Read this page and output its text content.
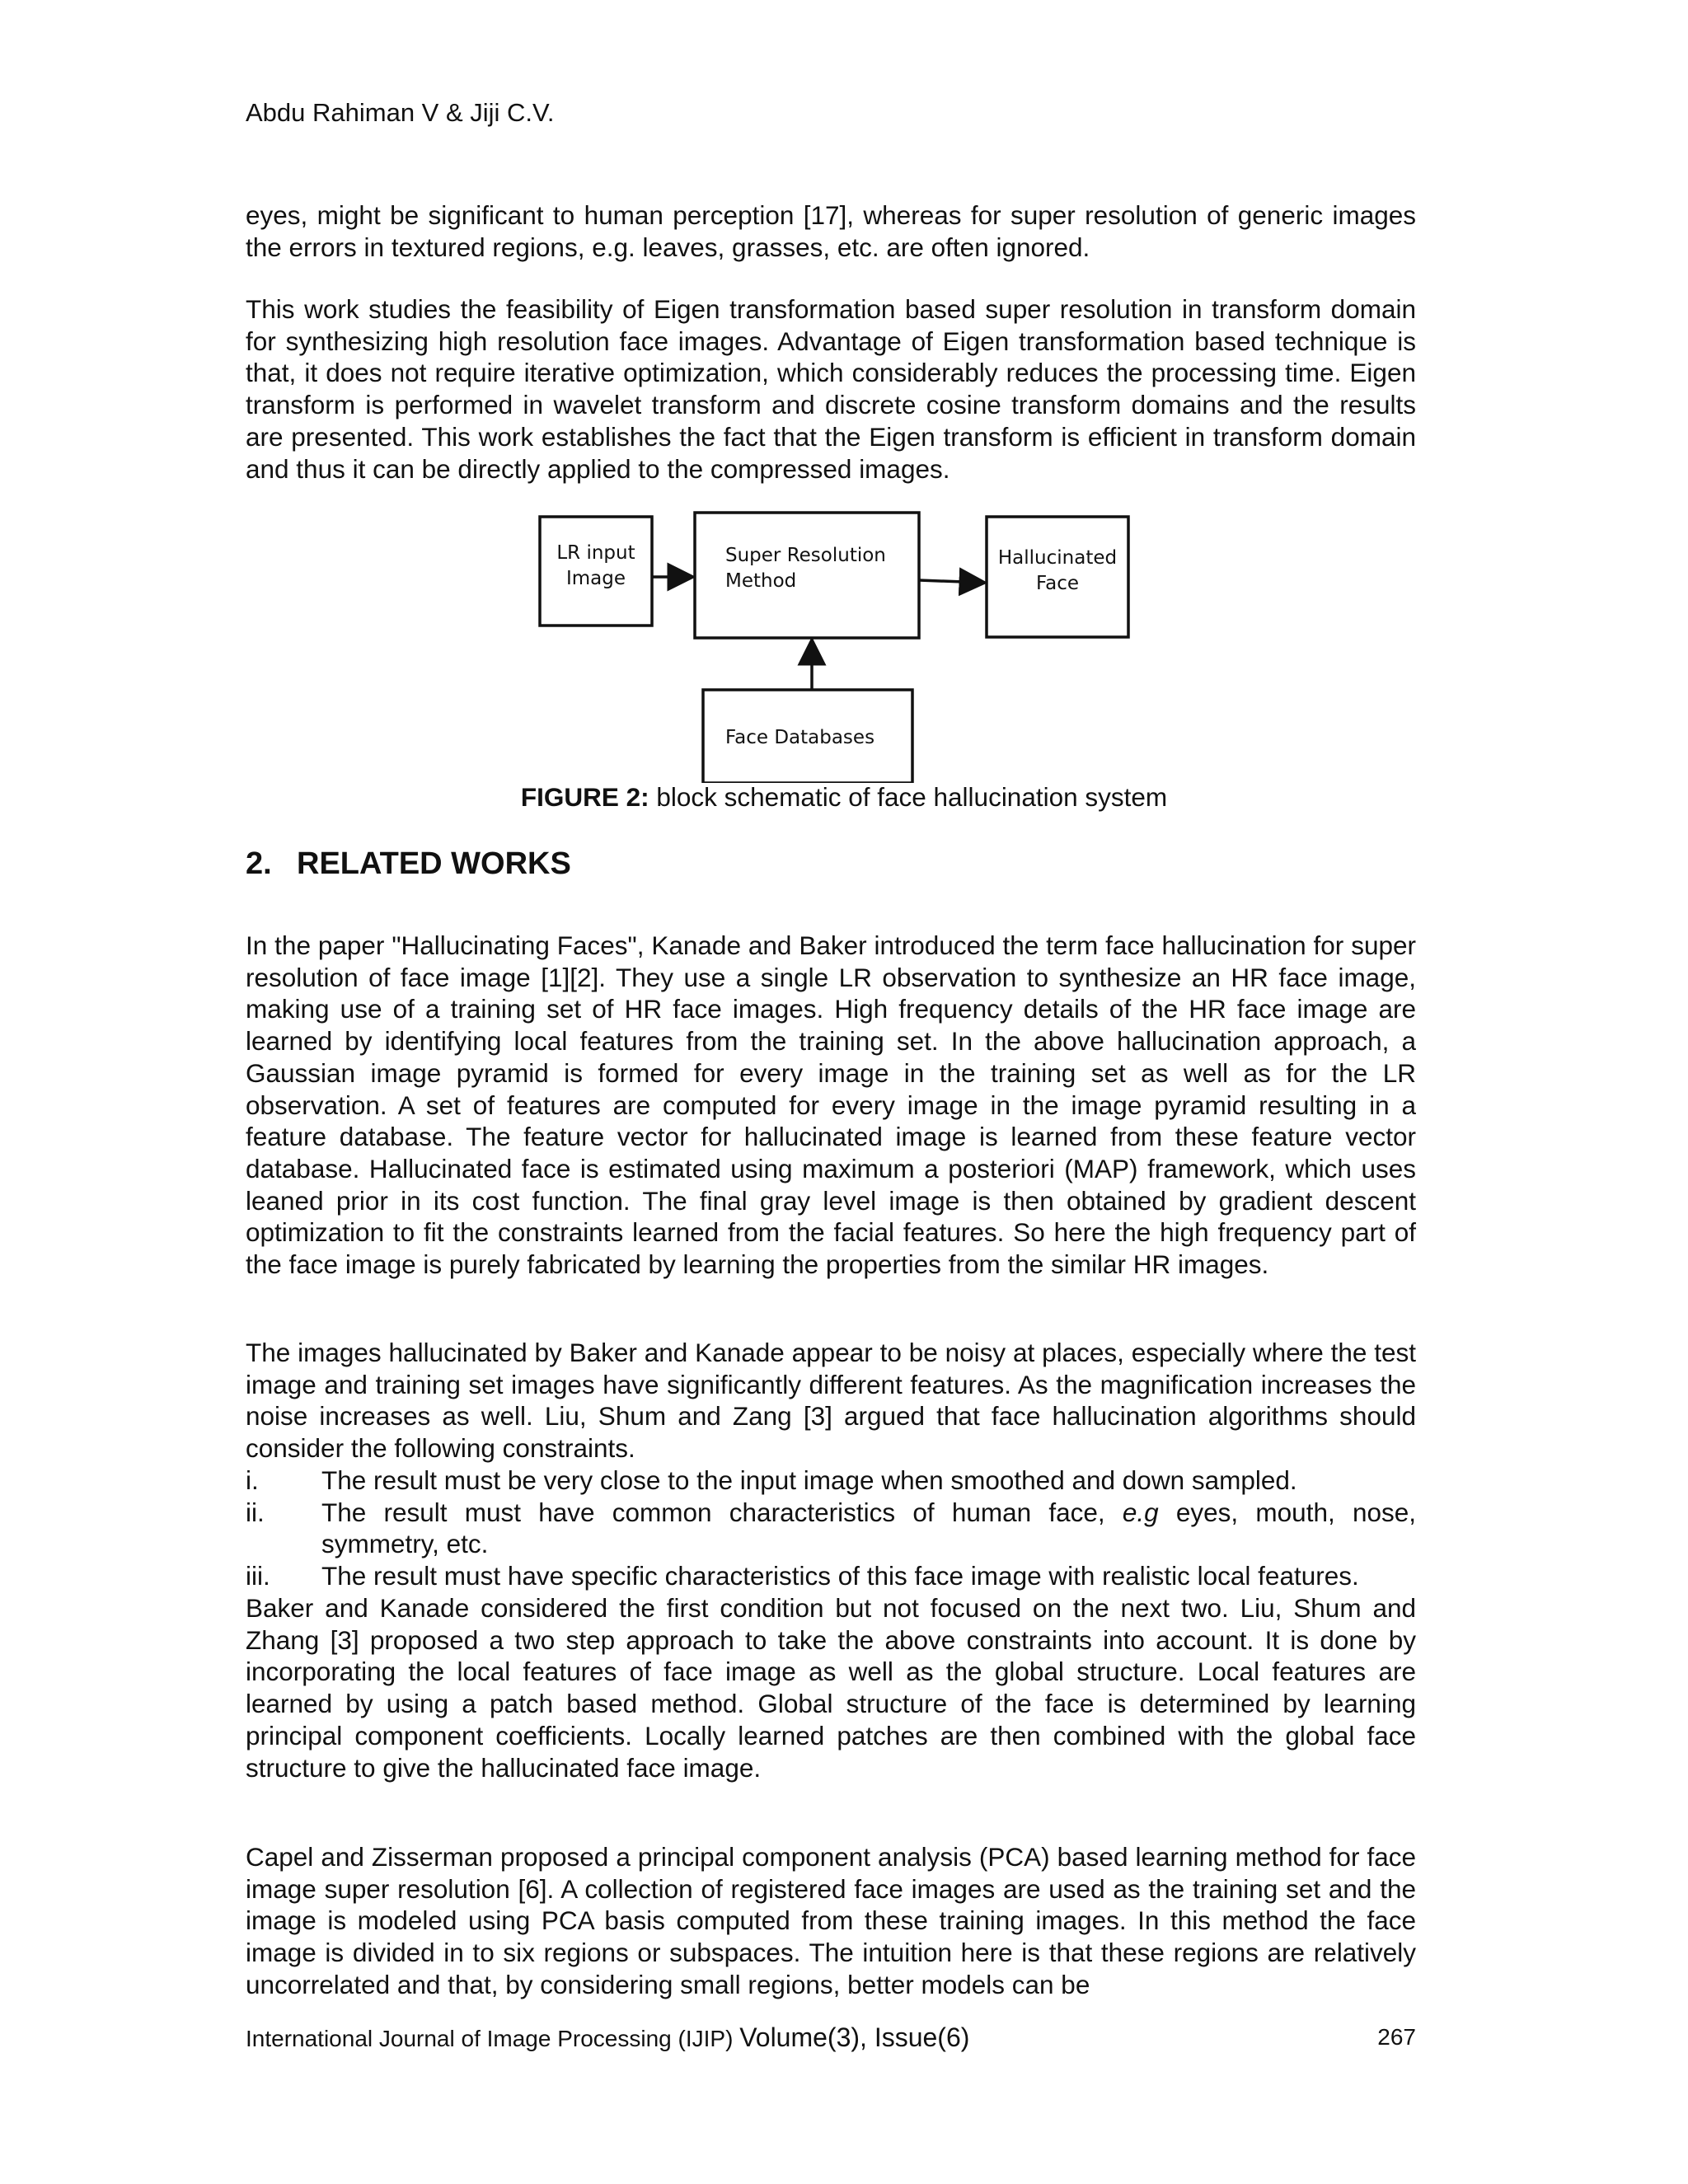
Abdu Rahiman V & Jiji C.V.

eyes, might be significant to human perception [17], whereas for super resolution of generic images the errors in textured regions, e.g. leaves, grasses, etc. are often ignored.

This work studies the feasibility of Eigen transformation based super resolution in transform domain for synthesizing high resolution face images. Advantage of Eigen transformation based technique is that, it does not require iterative optimization, which considerably reduces the processing time. Eigen transform is performed in wavelet transform and discrete cosine transform domains and the results are presented. This work establishes the fact that the Eigen transform is efficient in transform domain and thus it can be directly applied to the compressed images.

LR input
Image
Super Resolution
Method
Hallucinated
Face
Face Databases
FIGURE 2: block schematic of face hallucination system
2. RELATED WORKS

In the paper "Hallucinating Faces", Kanade and Baker introduced the term face hallucination for super resolution of face image [1][2]. They use a single LR observation to synthesize an HR face image, making use of a training set of HR face images. High frequency details of the HR face image are learned by identifying local features from the training set. In the above hallucination approach, a Gaussian image pyramid is formed for every image in the training set as well as for the LR observation. A set of features are computed for every image in the image pyramid resulting in a feature database. The feature vector for hallucinated image is learned from these feature vector database. Hallucinated face is estimated using maximum a posteriori (MAP) framework, which uses leaned prior in its cost function. The final gray level image is then obtained by gradient descent optimization to fit the constraints learned from the facial features. So here the high frequency part of the face image is purely fabricated by learning the properties from the similar HR images.

The images hallucinated by Baker and Kanade appear to be noisy at places, especially where the test image and training set images have significantly different features. As the magnification increases the noise increases as well. Liu, Shum and Zang [3] argued that face hallucination algorithms should consider the following constraints.

i.	The result must be very close to the input image when smoothed and down sampled.
ii.	The result must have common characteristics of human face, e.g eyes, mouth, nose, symmetry, etc.
iii.	The result must have specific characteristics of this face image with realistic local features.

Baker and Kanade considered the first condition but not focused on the next two. Liu, Shum and Zhang [3] proposed a two step approach to take the above constraints into account. It is done by incorporating the local features of face image as well as the global structure. Local features are learned by using a patch based method. Global structure of the face is determined by learning principal component coefficients. Locally learned patches are then combined with the global face structure to give the hallucinated face image.

Capel and Zisserman proposed a principal component analysis (PCA) based learning method for face image super resolution [6]. A collection of registered face images are used as the training set and the image is modeled using PCA basis computed from these training images. In this method the face image is divided in to six regions or subspaces. The intuition here is that these regions are relatively uncorrelated and that, by considering small regions, better models can be

International Journal of Image Processing (IJIP) Volume(3), Issue(6)	267
